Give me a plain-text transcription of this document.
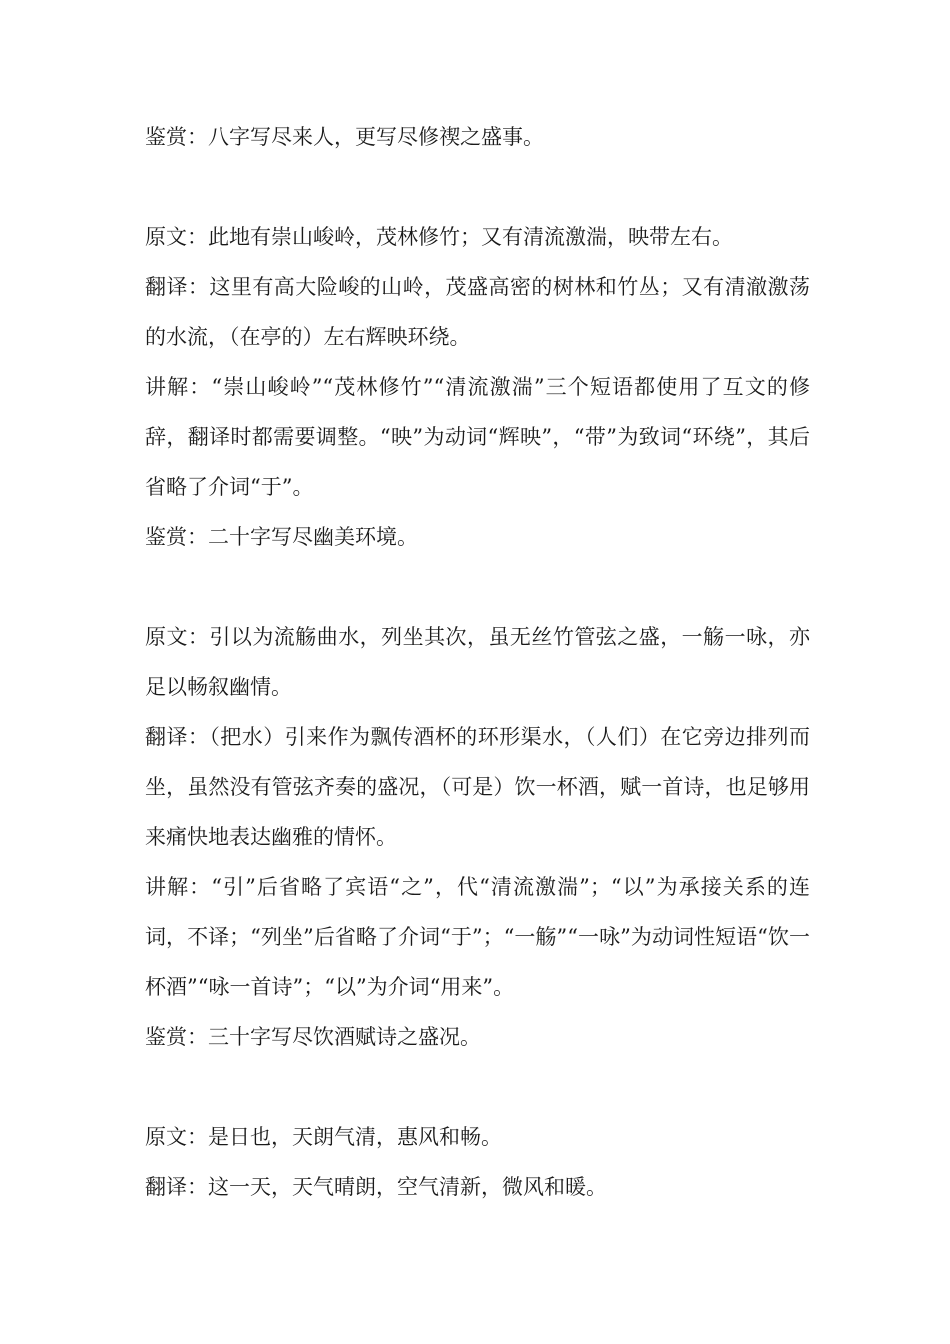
鉴赏：八字写尽来人，更写尽修禊之盛事。

原文：此地有崇山峻岭，茂林修竹；又有清流激湍，映带左右。

翻译：这里有高大险峻的山岭，茂盛高密的树林和竹丛；又有清澈激荡的水流，（在亭的）左右辉映环绕。

讲解：“崇山峻岭”“茂林修竹”“清流激湍”三个短语都使用了互文的修辞，翻译时都需要调整。“映”为动词“辉映”，“带”为致词“环绕”，其后省略了介词“于”。

鉴赏：二十字写尽幽美环境。

原文：引以为流觞曲水，列坐其次，虽无丝竹管弦之盛，一觞一咏，亦足以畅叙幽情。

翻译：（把水）引来作为飘传酒杯的环形渠水，（人们）在它旁边排列而坐，虽然没有管弦齐奏的盛况，（可是）饮一杯酒，赋一首诗，也足够用来痛快地表达幽雅的情怀。

讲解：“引”后省略了宾语“之”，代“清流激湍”；“以”为承接关系的连词，不译；“列坐”后省略了介词“于”；“一觞”“一咏”为动词性短语“饮一杯酒”“咏一首诗”；“以”为介词“用来”。

鉴赏：三十字写尽饮酒赋诗之盛况。

原文：是日也，天朗气清，惠风和畅。

翻译：这一天，天气晴朗，空气清新，微风和暖。
